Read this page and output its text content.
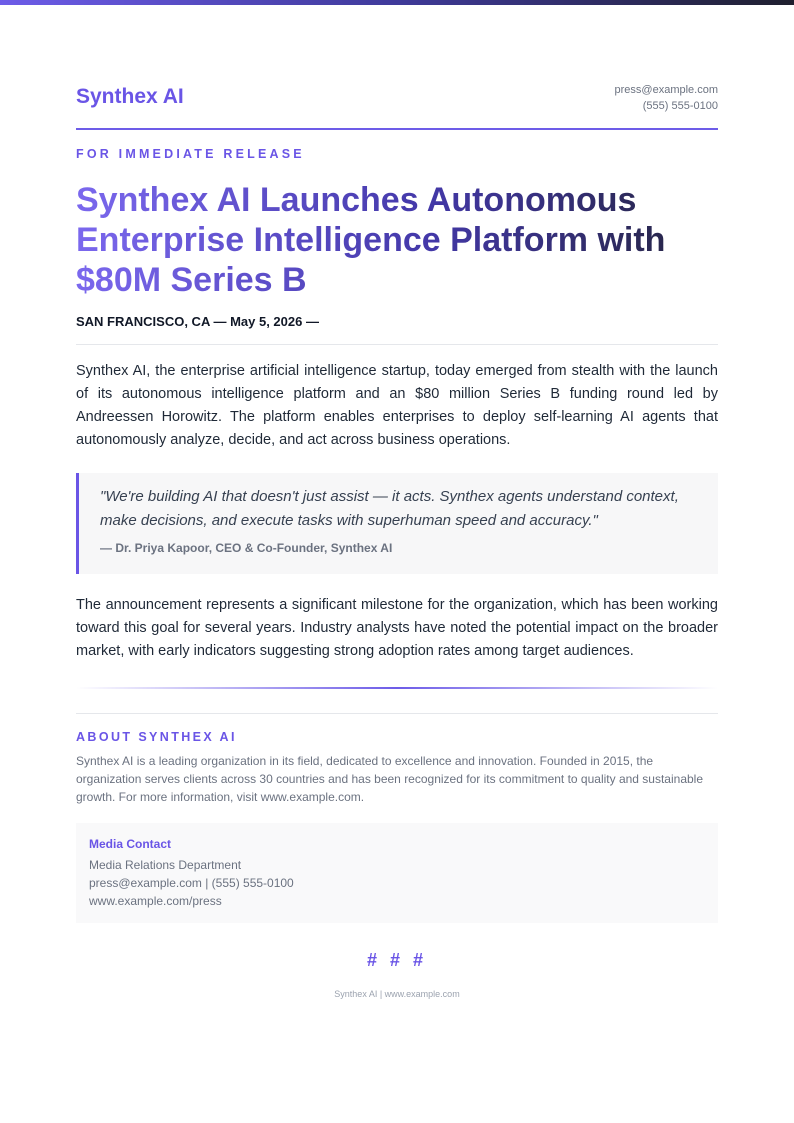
Synthex AI	press@example.com
(555) 555-0100
FOR IMMEDIATE RELEASE
Synthex AI Launches Autonomous Enterprise Intelligence Platform with $80M Series B
SAN FRANCISCO, CA — May 5, 2026 —

Synthex AI, the enterprise artificial intelligence startup, today emerged from stealth with the launch of its autonomous intelligence platform and an $80 million Series B funding round led by Andreessen Horowitz. The platform enables enterprises to deploy self-learning AI agents that autonomously analyze, decide, and act across business operations.

"We're building AI that doesn't just assist — it acts. Synthex agents understand context, make decisions, and execute tasks with superhuman speed and accuracy."

— Dr. Priya Kapoor, CEO & Co-Founder, Synthex AI

The announcement represents a significant milestone for the organization, which has been working toward this goal for several years. Industry analysts have noted the potential impact on the broader market, with early indicators suggesting strong adoption rates among target audiences.

ABOUT SYNTHEX AI

Synthex AI is a leading organization in its field, dedicated to excellence and innovation. Founded in 2015, the organization serves clients across 30 countries and has been recognized for its commitment to quality and sustainable growth. For more information, visit www.example.com.

Media Contact
Media Relations Department
press@example.com | (555) 555-0100
www.example.com/press
# # #
Synthex AI | www.example.com
